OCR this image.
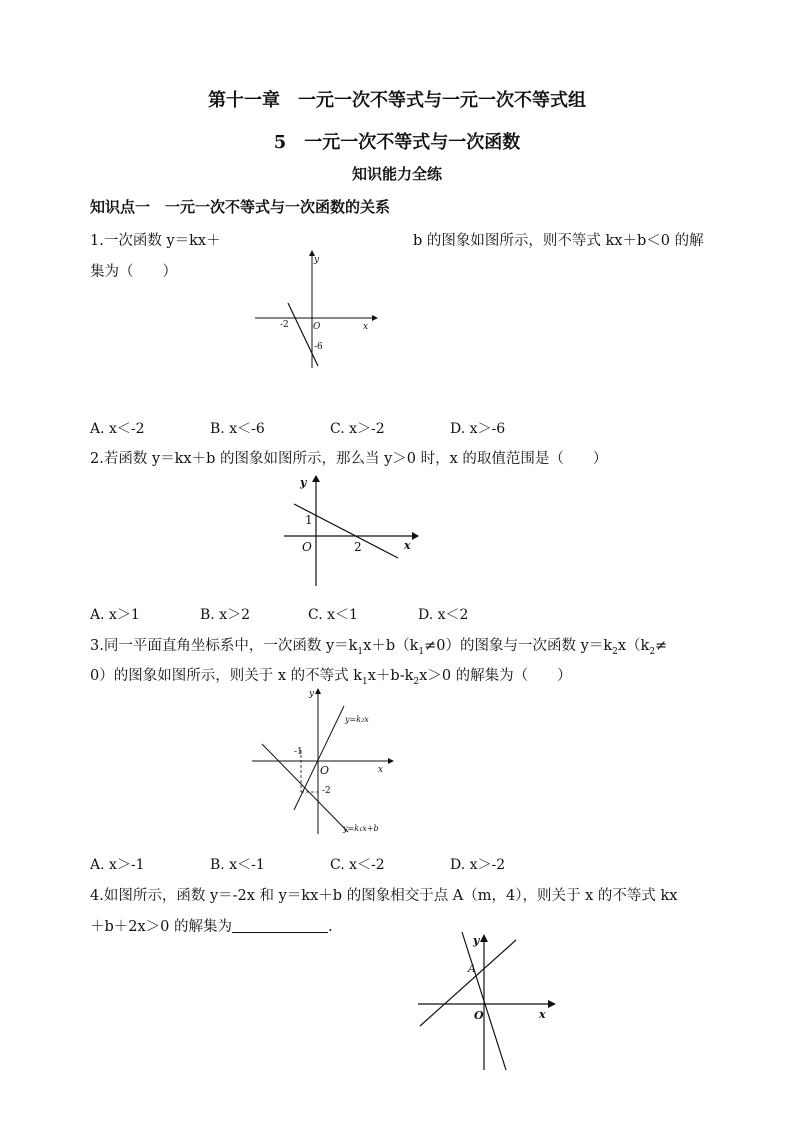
第十一章　一元一次不等式与一元一次不等式组
5　一元一次不等式与一次函数
知识能力全练
知识点一　一元一次不等式与一次函数的关系
1.一次函数 y＝kx＋	b 的图象如图所示，则不等式 kx＋b＜0 的解
集为（　　）
y
x
O
-2
-6
A. x＜-2	B. x＜-6	C. x＞-2	D. x＞-6
2.若函数 y＝kx＋b 的图象如图所示，那么当 y＞0 时，x 的取值范围是（　　）
y
x
O
1
2
A. x＞1	B. x＞2	C. x＜1	D. x＜2
3.同一平面直角坐标系中，一次函数 $y=k_1x+b(k_1\ne 0)$的图象与一次函数 $y=k_2x(k_2\ne$
0）的图象如图所示，则关于 x 的不等式 $k_1x+b-k_2x>0$ 的解集为（　　）
y
x
O
-1
-2
y=k₂x
y=k₁x+b
A. x＞-1	B. x＜-1	C. x＜-2	D. x＞-2
4.如图所示，函数 y＝-2x 和 y＝kx＋b 的图象相交于点 A（m，4），则关于 x 的不等式 kx
＋b＋2x＞0 的解集为	.
y
x
O
A
